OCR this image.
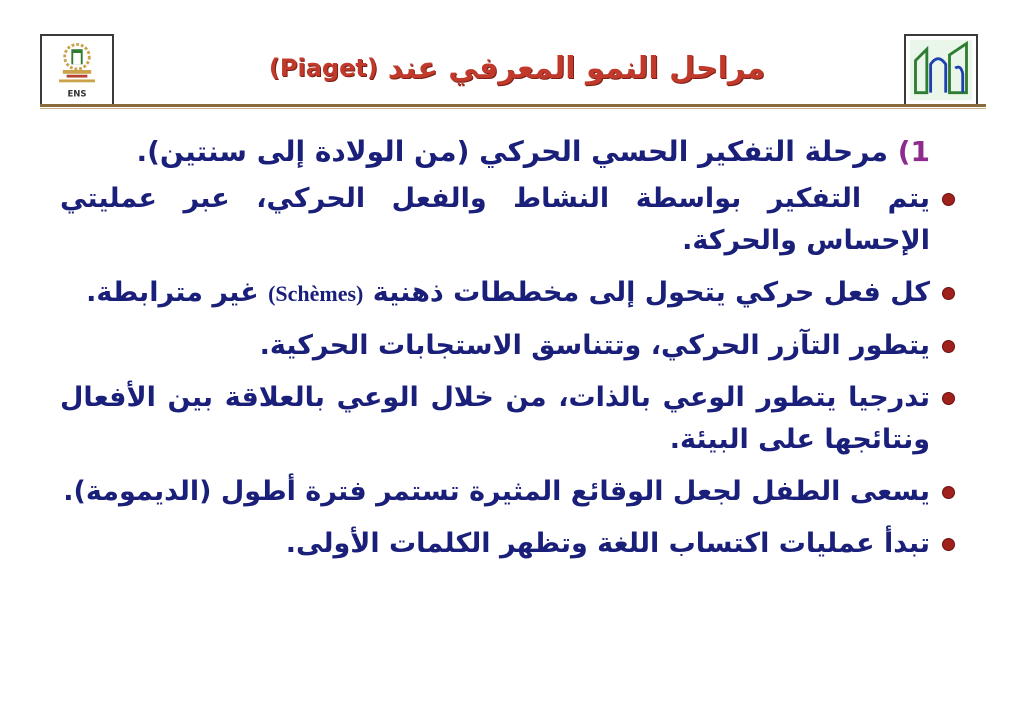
ENS
مراحل النمو المعرفي عند
(Piaget)

1) مرحلة التفكير الحسي الحركي (من الولادة إلى سنتين).

يتم التفكير بواسطة النشاط والفعل الحركي، عبر عمليتي الإحساس والحركة.

كل فعل حركي يتحول إلى مخططات ذهنية (Schèmes) غير مترابطة.

يتطور التآزر الحركي، وتتناسق الاستجابات الحركية.

تدرجيا يتطور الوعي بالذات، من خلال الوعي بالعلاقة بين الأفعال ونتائجها على البيئة.

يسعى الطفل لجعل الوقائع المثيرة تستمر فترة أطول (الديمومة).

تبدأ عمليات اكتساب اللغة وتظهر الكلمات الأولى.
